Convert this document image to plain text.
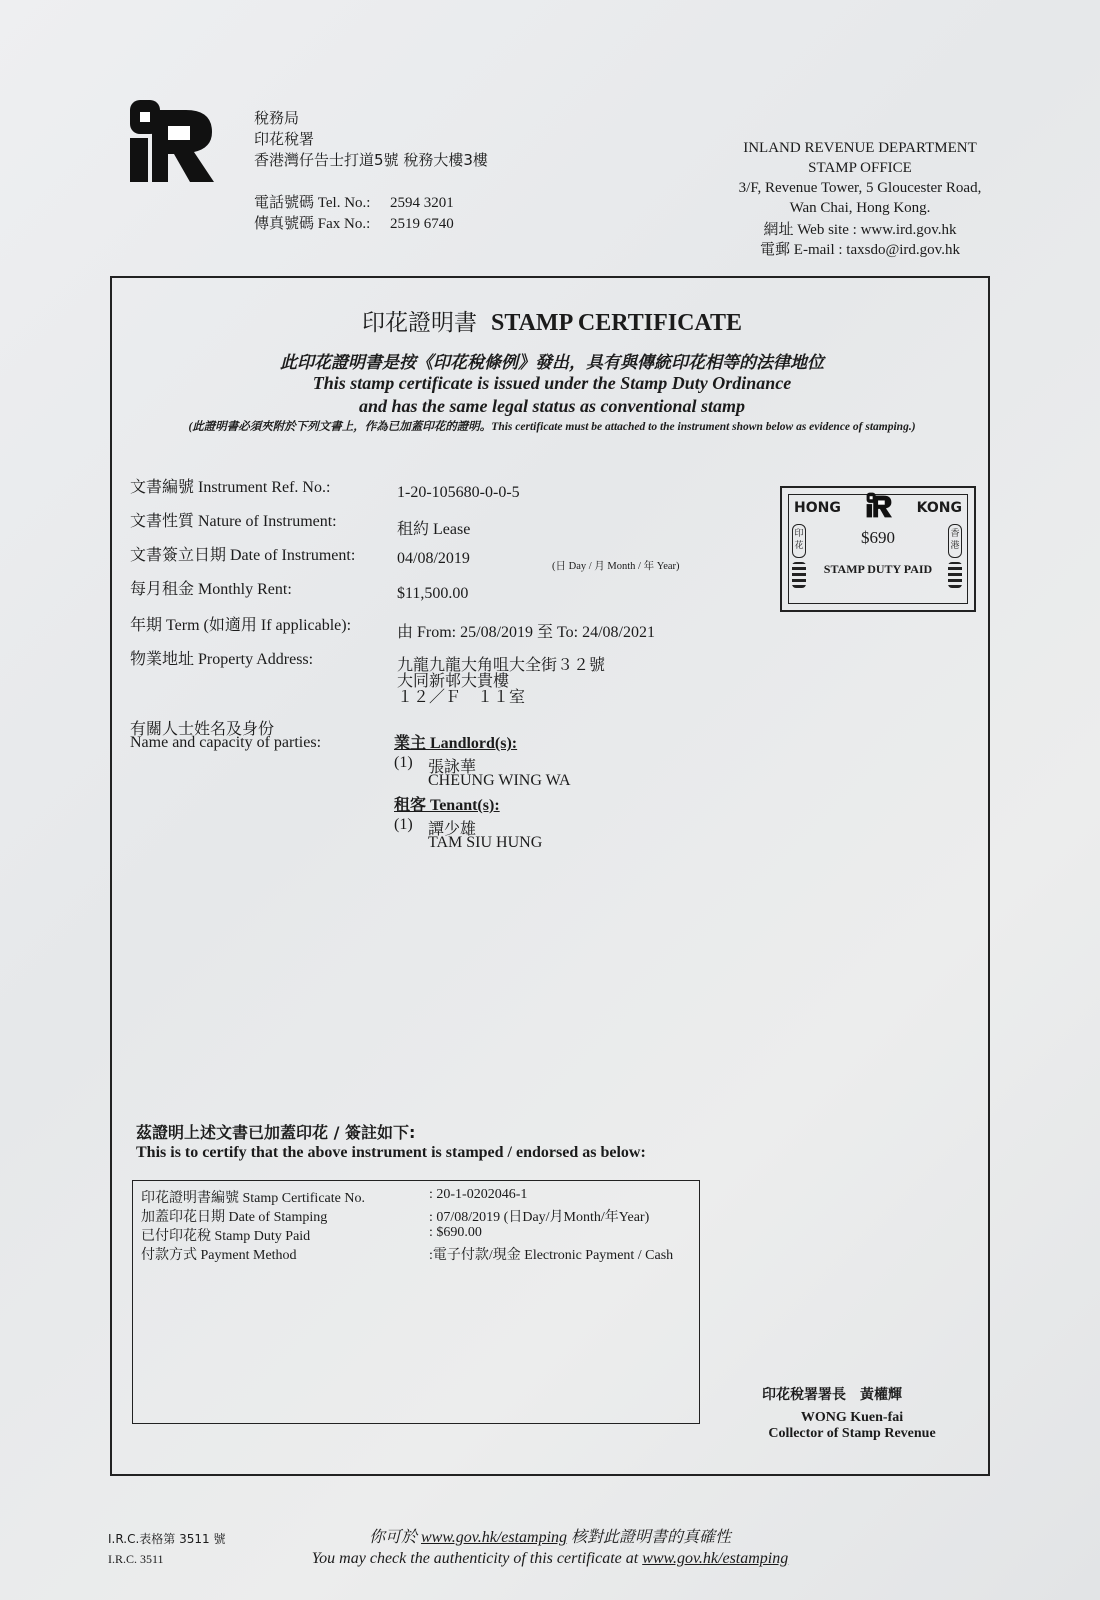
稅務局
印花稅署
香港灣仔告士打道5號 稅務大樓3樓
電話號碼 Tel. No.: 2594 3201
傳真號碼 Fax No.: 2519 6740
INLAND REVENUE DEPARTMENT
STAMP OFFICE
3/F, Revenue Tower, 5 Gloucester Road,
Wan Chai, Hong Kong.
網址 Web site : www.ird.gov.hk
電郵 E-mail : taxsdo@ird.gov.hk
印花證明書 STAMP CERTIFICATE
此印花證明書是按《印花稅條例》發出，具有與傳統印花相等的法律地位
This stamp certificate is issued under the Stamp Duty Ordinance
and has the same legal status as conventional stamp
(此證明書必須夾附於下列文書上，作為已加蓋印花的證明。This certificate must be attached to the instrument shown below as evidence of stamping.)
文書編號 Instrument Ref. No.:	1-20-105680-0-0-5
文書性質 Nature of Instrument:	租約 Lease
文書簽立日期 Date of Instrument:	04/08/2019	(日 Day / 月 Month / 年 Year)
每月租金 Monthly Rent:	$11,500.00
年期 Term (如適用 If applicable):	由 From: 25/08/2019 至 To: 24/08/2021
物業地址 Property Address:	九龍九龍大角咀大全街３２號
大同新邨大貴樓
１２／Ｆ　１１室
有關人士姓名及身份
Name and capacity of parties:	業主 Landlord(s):
(1) 張詠華
CHEUNG WING WA
租客 Tenant(s):
(1) 譚少雄
TAM SIU HUNG
HONG	KONG
印花	$690
STAMP DUTY PAID
香港
茲證明上述文書已加蓋印花 / 簽註如下:
This is to certify that the above instrument is stamped / endorsed as below:
印花證明書編號 Stamp Certificate No.	: 20-1-0202046-1
加蓋印花日期 Date of Stamping	: 07/08/2019 (日Day/月Month/年Year)
已付印花稅 Stamp Duty Paid	: $690.00
付款方式 Payment Method	:電子付款/現金 Electronic Payment / Cash
印花稅署署長　黃權輝
WONG Kuen-fai
Collector of Stamp Revenue
I.R.C.表格第 3511 號
I.R.C. 3511
你可於 www.gov.hk/estamping 核對此證明書的真確性
You may check the authenticity of this certificate at www.gov.hk/estamping
